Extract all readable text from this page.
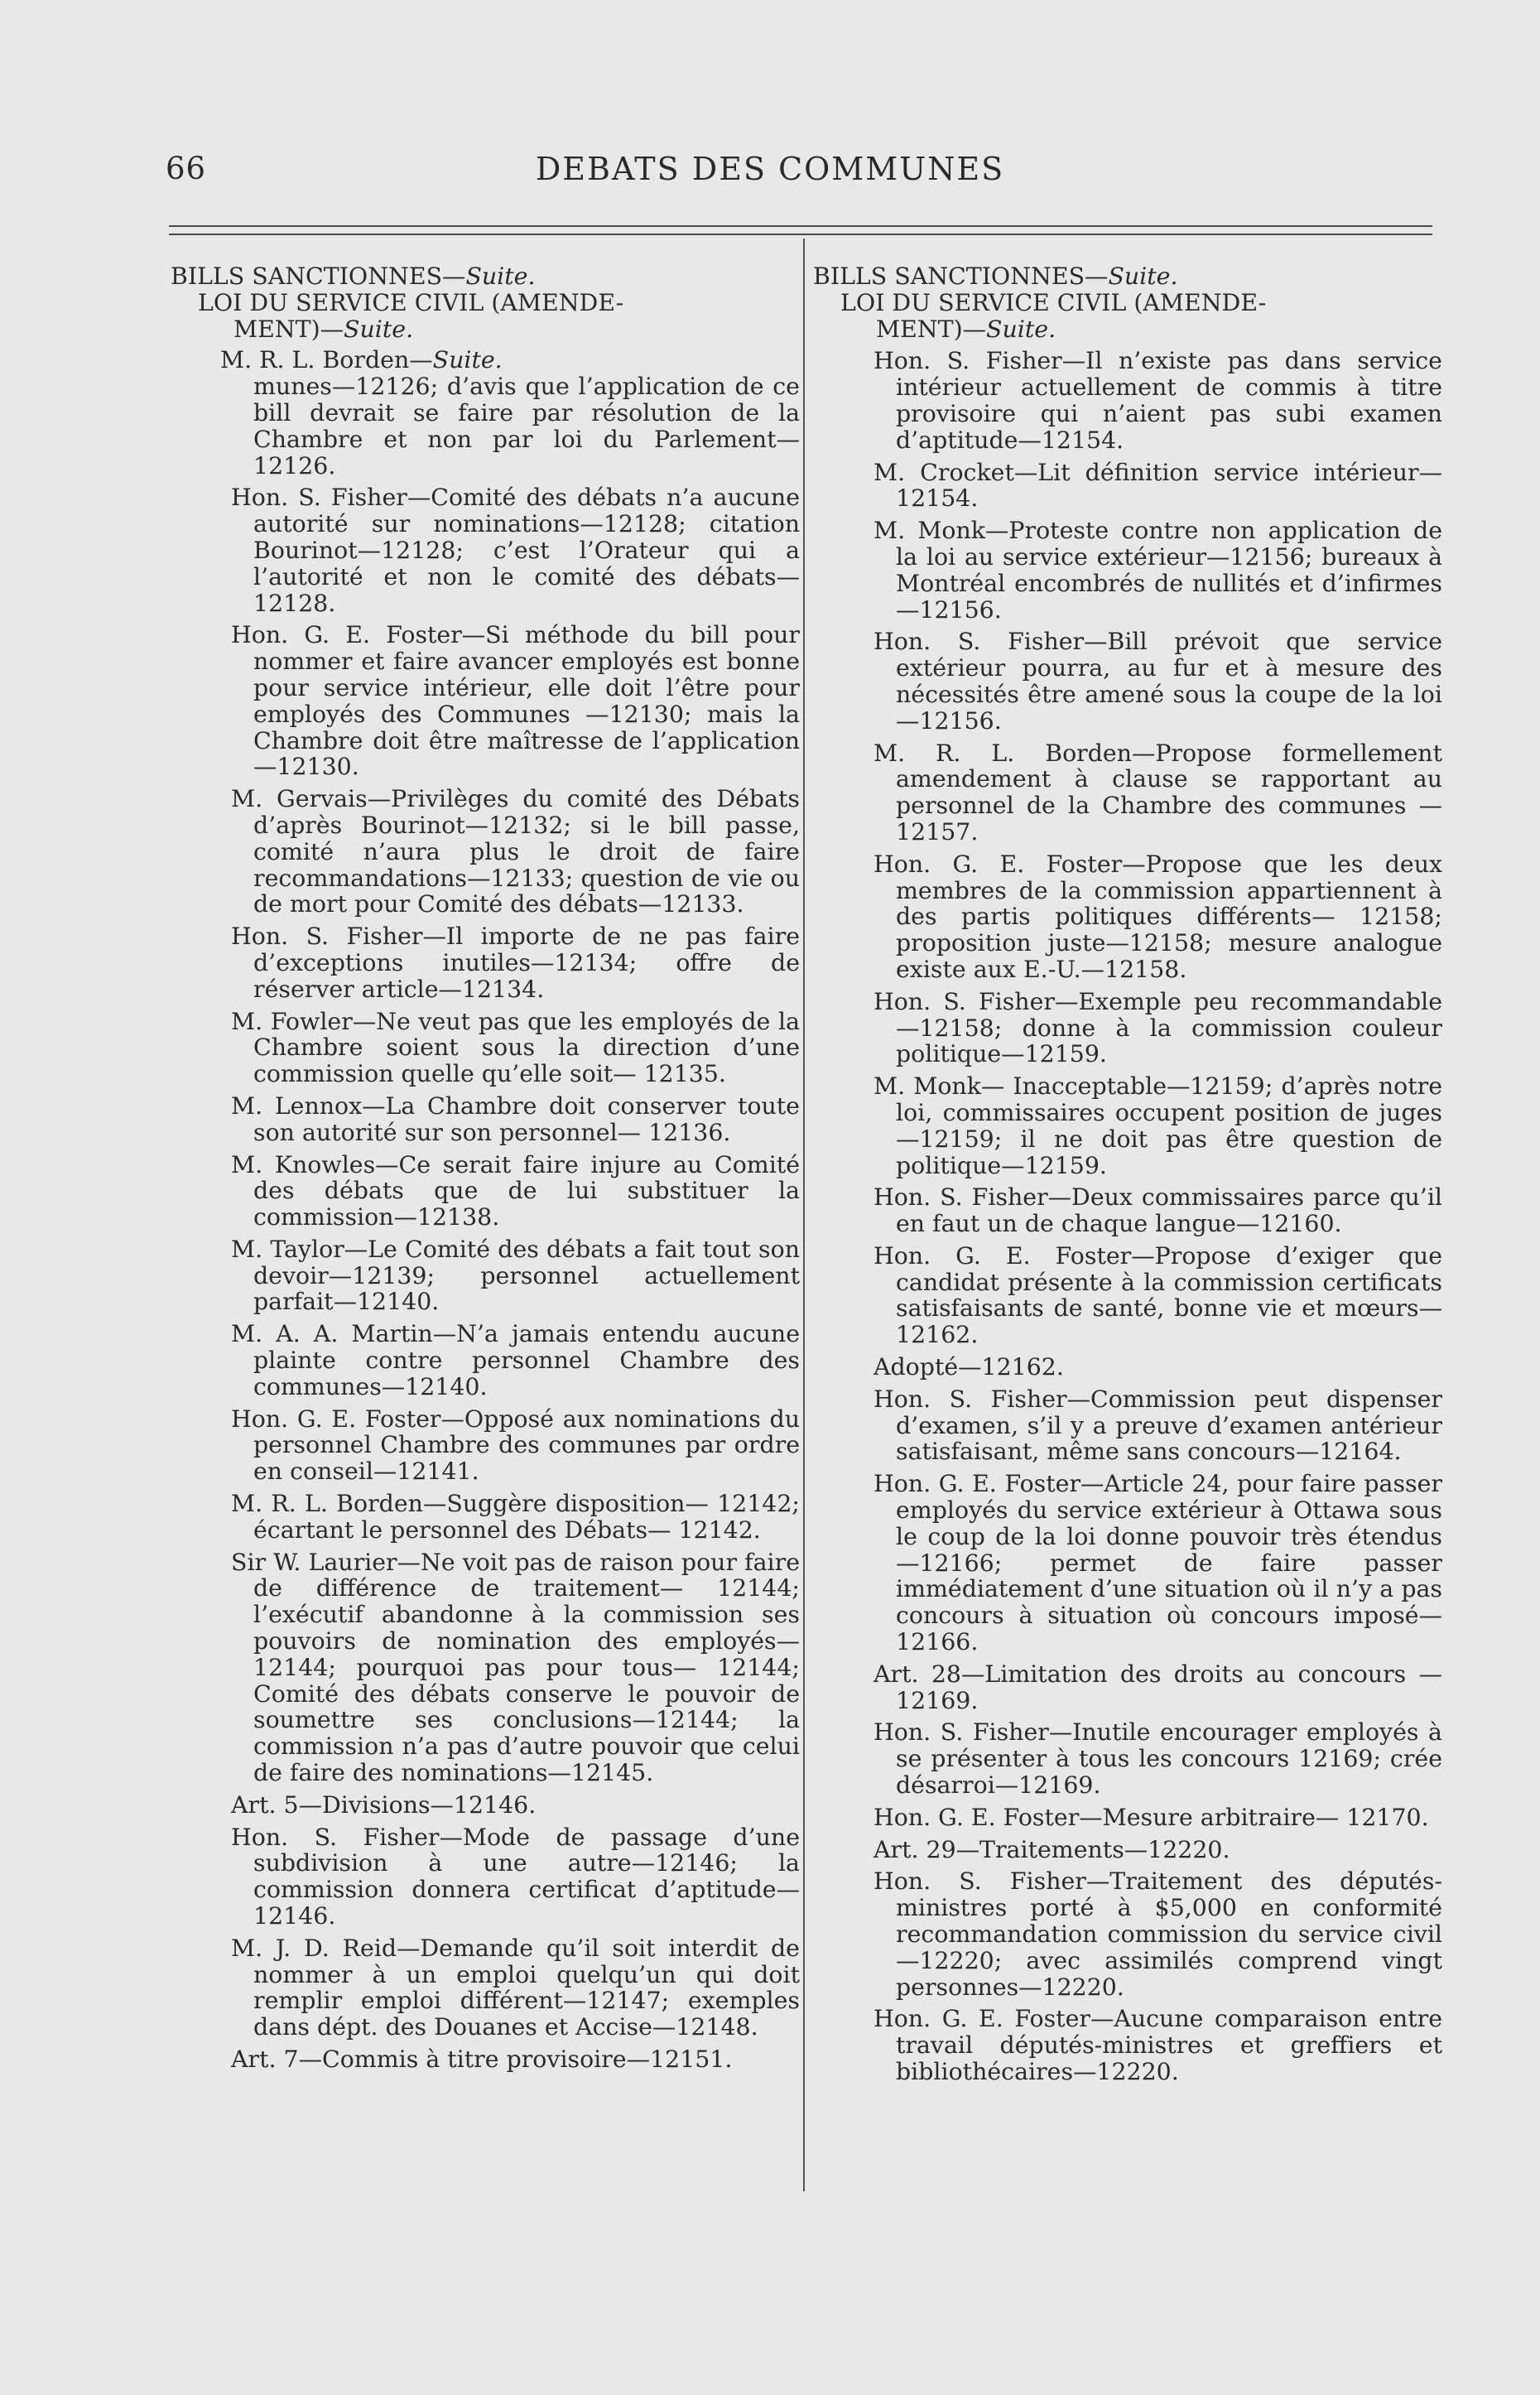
66	DEBATS DES COMMUNES
BILLS SANCTIONNES—Suite.
LOI DU SERVICE CIVIL (AMENDE-
MENT)—Suite.
M. R. L. Borden—Suite.
munes—12126; d’avis que l’application de ce bill devrait se faire par résolution de la Chambre et non par loi du Parlement—12126.
Hon. S. Fisher—Comité des débats n’a aucune autorité sur nominations—12128; citation Bourinot—12128; c’est l’Orateur qui a l’autorité et non le comité des débats—12128.
Hon. G. E. Foster—Si méthode du bill pour nommer et faire avancer employés est bonne pour service intérieur, elle doit l’être pour employés des Communes —12130; mais la Chambre doit être maîtresse de l’application—12130.
M. Gervais—Privilèges du comité des Débats d’après Bourinot—12132; si le bill passe, comité n’aura plus le droit de faire recommandations—12133; question de vie ou de mort pour Comité des débats—12133.
Hon. S. Fisher—Il importe de ne pas faire d’exceptions inutiles—12134; offre de réserver article—12134.
M. Fowler—Ne veut pas que les employés de la Chambre soient sous la direction d’une commission quelle qu’elle soit— 12135.
M. Lennox—La Chambre doit conserver toute son autorité sur son personnel— 12136.
M. Knowles—Ce serait faire injure au Comité des débats que de lui substituer la commission—12138.
M. Taylor—Le Comité des débats a fait tout son devoir—12139; personnel actuellement parfait—12140.
M. A. A. Martin—N’a jamais entendu aucune plainte contre personnel Chambre des communes—12140.
Hon. G. E. Foster—Opposé aux nominations du personnel Chambre des communes par ordre en conseil—12141.
M. R. L. Borden—Suggère disposition— 12142; écartant le personnel des Débats— 12142.
Sir W. Laurier—Ne voit pas de raison pour faire de différence de traitement— 12144; l’exécutif abandonne à la commission ses pouvoirs de nomination des employés—12144; pourquoi pas pour tous— 12144; Comité des débats conserve le pouvoir de soumettre ses conclusions—12144; la commission n’a pas d’autre pouvoir que celui de faire des nominations—12145.
Art. 5—Divisions—12146.
Hon. S. Fisher—Mode de passage d’une subdivision à une autre—12146; la commission donnera certificat d’aptitude— 12146.
M. J. D. Reid—Demande qu’il soit interdit de nommer à un emploi quelqu’un qui doit remplir emploi différent—12147; exemples dans dépt. des Douanes et Accise—12148.
Art. 7—Commis à titre provisoire—12151.
BILLS SANCTIONNES—Suite.
LOI DU SERVICE CIVIL (AMENDE-
MENT)—Suite.
Hon. S. Fisher—Il n’existe pas dans service intérieur actuellement de commis à titre provisoire qui n’aient pas subi examen d’aptitude—12154.
M. Crocket—Lit définition service intérieur—12154.
M. Monk—Proteste contre non application de la loi au service extérieur—12156; bureaux à Montréal encombrés de nullités et d’infirmes—12156.
Hon. S. Fisher—Bill prévoit que service extérieur pourra, au fur et à mesure des nécessités être amené sous la coupe de la loi—12156.
M. R. L. Borden—Propose formellement amendement à clause se rapportant au personnel de la Chambre des communes —12157.
Hon. G. E. Foster—Propose que les deux membres de la commission appartiennent à des partis politiques différents— 12158; proposition juste—12158; mesure analogue existe aux E.-U.—12158.
Hon. S. Fisher—Exemple peu recommandable—12158; donne à la commission couleur politique—12159.
M. Monk— Inacceptable—12159; d’après notre loi, commissaires occupent position de juges—12159; il ne doit pas être question de politique—12159.
Hon. S. Fisher—Deux commissaires parce qu’il en faut un de chaque langue—12160.
Hon. G. E. Foster—Propose d’exiger que candidat présente à la commission certificats satisfaisants de santé, bonne vie et mœurs—12162.
Adopté—12162.
Hon. S. Fisher—Commission peut dispenser d’examen, s’il y a preuve d’examen antérieur satisfaisant, même sans concours—12164.
Hon. G. E. Foster—Article 24, pour faire passer employés du service extérieur à Ottawa sous le coup de la loi donne pouvoir très étendus—12166; permet de faire passer immédiatement d’une situation où il n’y a pas concours à situation où concours imposé—12166.
Art. 28—Limitation des droits au concours —12169.
Hon. S. Fisher—Inutile encourager employés à se présenter à tous les concours 12169; crée désarroi—12169.
Hon. G. E. Foster—Mesure arbitraire— 12170.
Art. 29—Traitements—12220.
Hon. S. Fisher—Traitement des députés-ministres porté à $5,000 en conformité recommandation commission du service civil—12220; avec assimilés comprend vingt personnes—12220.
Hon. G. E. Foster—Aucune comparaison entre travail députés-ministres et greffiers et bibliothécaires—12220.
